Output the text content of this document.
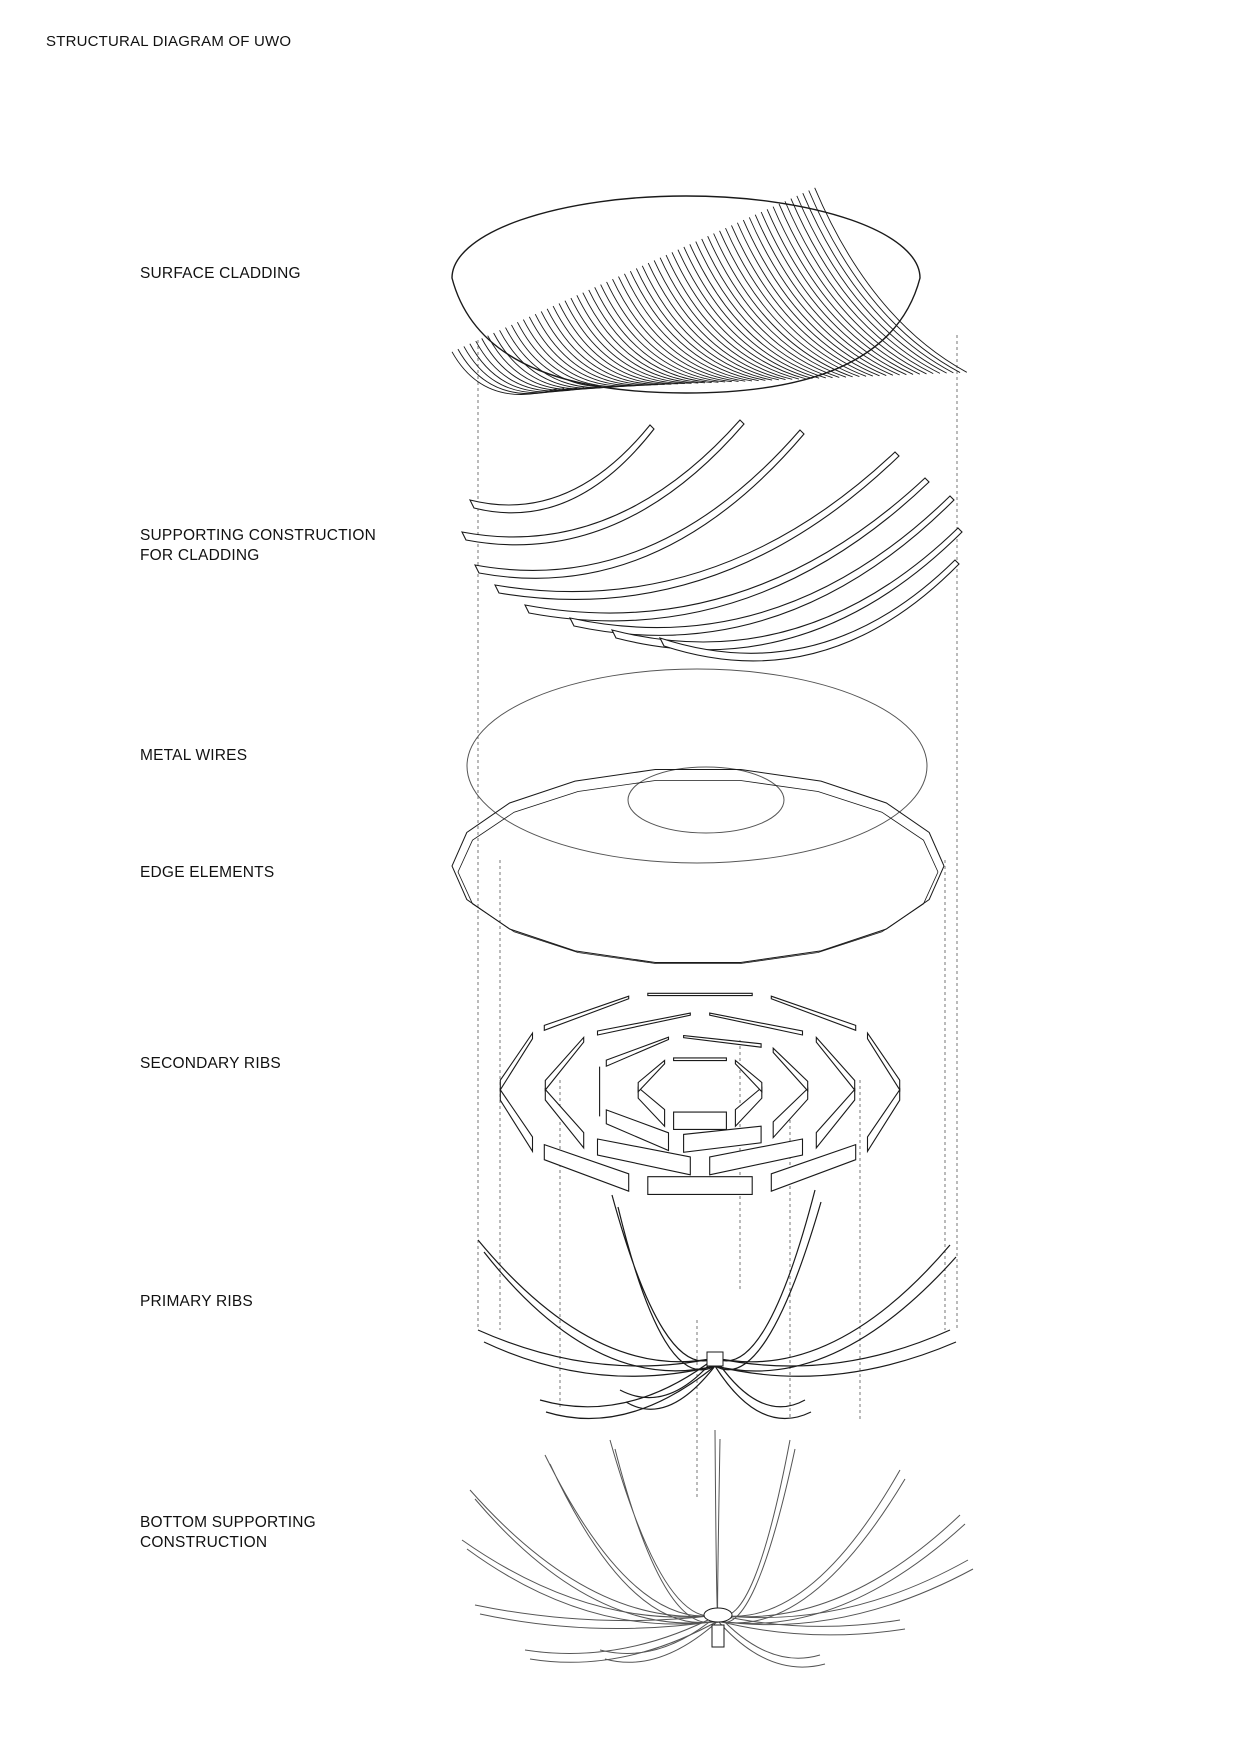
STRUCTURAL DIAGRAM OF UWO
SURFACE CLADDING
SUPPORTING CONSTRUCTION
FOR CLADDING
METAL WIRES
EDGE ELEMENTS
SECONDARY RIBS
PRIMARY RIBS
BOTTOM SUPPORTING
CONSTRUCTION
